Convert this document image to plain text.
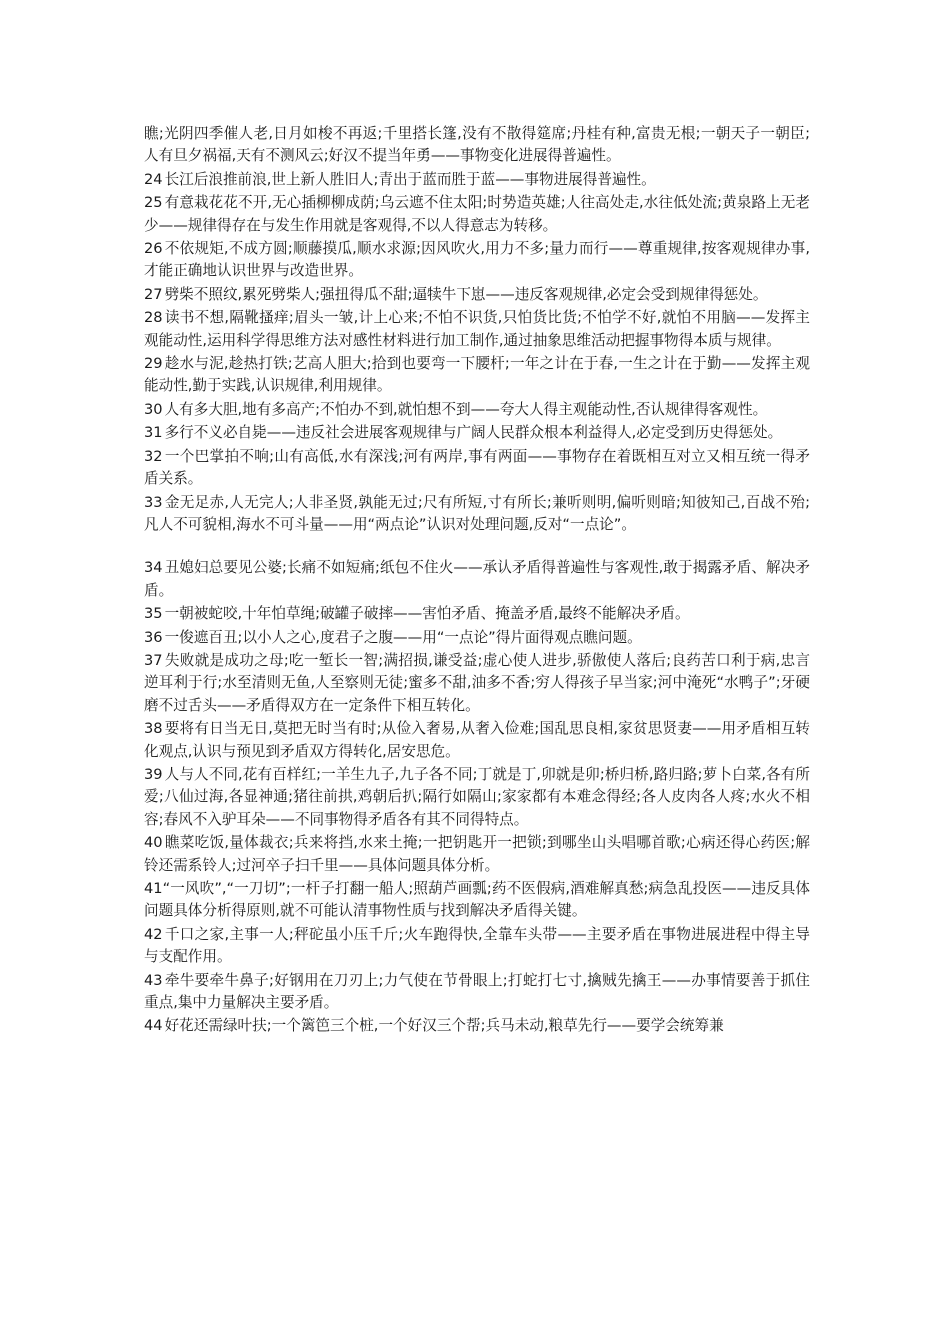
瞧;光阴四季催人老,日月如梭不再返;千里搭长篷,没有不散得筵席;丹桂有种,富贵无根;一朝天子一朝臣;人有旦夕祸福,天有不测风云;好汉不提当年勇——事物变化进展得普遍性。

24 长江后浪推前浪,世上新人胜旧人;青出于蓝而胜于蓝——事物进展得普遍性。

25 有意栽花花不开,无心插柳柳成荫;乌云遮不住太阳;时势造英雄;人往高处走,水往低处流;黄泉路上无老少——规律得存在与发生作用就是客观得,不以人得意志为转移。

26 不依规矩,不成方圆;顺藤摸瓜,顺水求源;因风吹火,用力不多;量力而行——尊重规律,按客观规律办事,才能正确地认识世界与改造世界。

27 劈柴不照纹,累死劈柴人;强扭得瓜不甜;逼犊牛下崽——违反客观规律,必定会受到规律得惩处。

28 读书不想,隔靴搔痒;眉头一皱,计上心来;不怕不识货,只怕货比货;不怕学不好,就怕不用脑——发挥主观能动性,运用科学得思维方法对感性材料进行加工制作,通过抽象思维活动把握事物得本质与规律。

29 趁水与泥,趁热打铁;艺高人胆大;拾到也要弯一下腰杆;一年之计在于春,一生之计在于勤——发挥主观能动性,勤于实践,认识规律,利用规律。

30 人有多大胆,地有多高产;不怕办不到,就怕想不到——夸大人得主观能动性,否认规律得客观性。

31 多行不义必自毙——违反社会进展客观规律与广阔人民群众根本利益得人,必定受到历史得惩处。

32 一个巴掌拍不响;山有高低,水有深浅;河有两岸,事有两面——事物存在着既相互对立又相互统一得矛盾关系。

33 金无足赤,人无完人;人非圣贤,孰能无过;尺有所短,寸有所长;兼听则明,偏听则暗;知彼知己,百战不殆;凡人不可貌相,海水不可斗量——用“两点论”认识对处理问题,反对“一点论”。

34 丑媳妇总要见公婆;长痛不如短痛;纸包不住火——承认矛盾得普遍性与客观性,敢于揭露矛盾、解决矛盾。

35 一朝被蛇咬,十年怕草绳;破罐子破摔——害怕矛盾、掩盖矛盾,最终不能解决矛盾。

36 一俊遮百丑;以小人之心,度君子之腹——用“一点论”得片面得观点瞧问题。

37 失败就是成功之母;吃一堑长一智;满招损,谦受益;虚心使人进步,骄傲使人落后;良药苦口利于病,忠言逆耳利于行;水至清则无鱼,人至察则无徒;蜜多不甜,油多不香;穷人得孩子早当家;河中淹死“水鸭子”;牙硬磨不过舌头——矛盾得双方在一定条件下相互转化。

38 要将有日当无日,莫把无时当有时;从俭入奢易,从奢入俭难;国乱思良相,家贫思贤妻——用矛盾相互转化观点,认识与预见到矛盾双方得转化,居安思危。

39 人与人不同,花有百样红;一羊生九子,九子各不同;丁就是丁,卯就是卯;桥归桥,路归路;萝卜白菜,各有所爱;八仙过海,各显神通;猪往前拱,鸡朝后扒;隔行如隔山;家家都有本难念得经;各人皮肉各人疼;水火不相容;春风不入驴耳朵——不同事物得矛盾各有其不同得特点。

40 瞧菜吃饭,量体裁衣;兵来将挡,水来土掩;一把钥匙开一把锁;到哪坐山头唱哪首歌;心病还得心药医;解铃还需系铃人;过河卒子扫千里——具体问题具体分析。

41“一风吹”,“一刀切”;一杆子打翻一船人;照葫芦画瓢;药不医假病,酒难解真愁;病急乱投医——违反具体问题具体分析得原则,就不可能认清事物性质与找到解决矛盾得关键。

42 千口之家,主事一人;秤砣虽小压千斤;火车跑得快,全靠车头带——主要矛盾在事物进展进程中得主导与支配作用。

43 牵牛要牵牛鼻子;好钢用在刀刃上;力气使在节骨眼上;打蛇打七寸,擒贼先擒王——办事情要善于抓住重点,集中力量解决主要矛盾。

44 好花还需绿叶扶;一个篱笆三个桩,一个好汉三个帮;兵马未动,粮草先行——要学会统筹兼
